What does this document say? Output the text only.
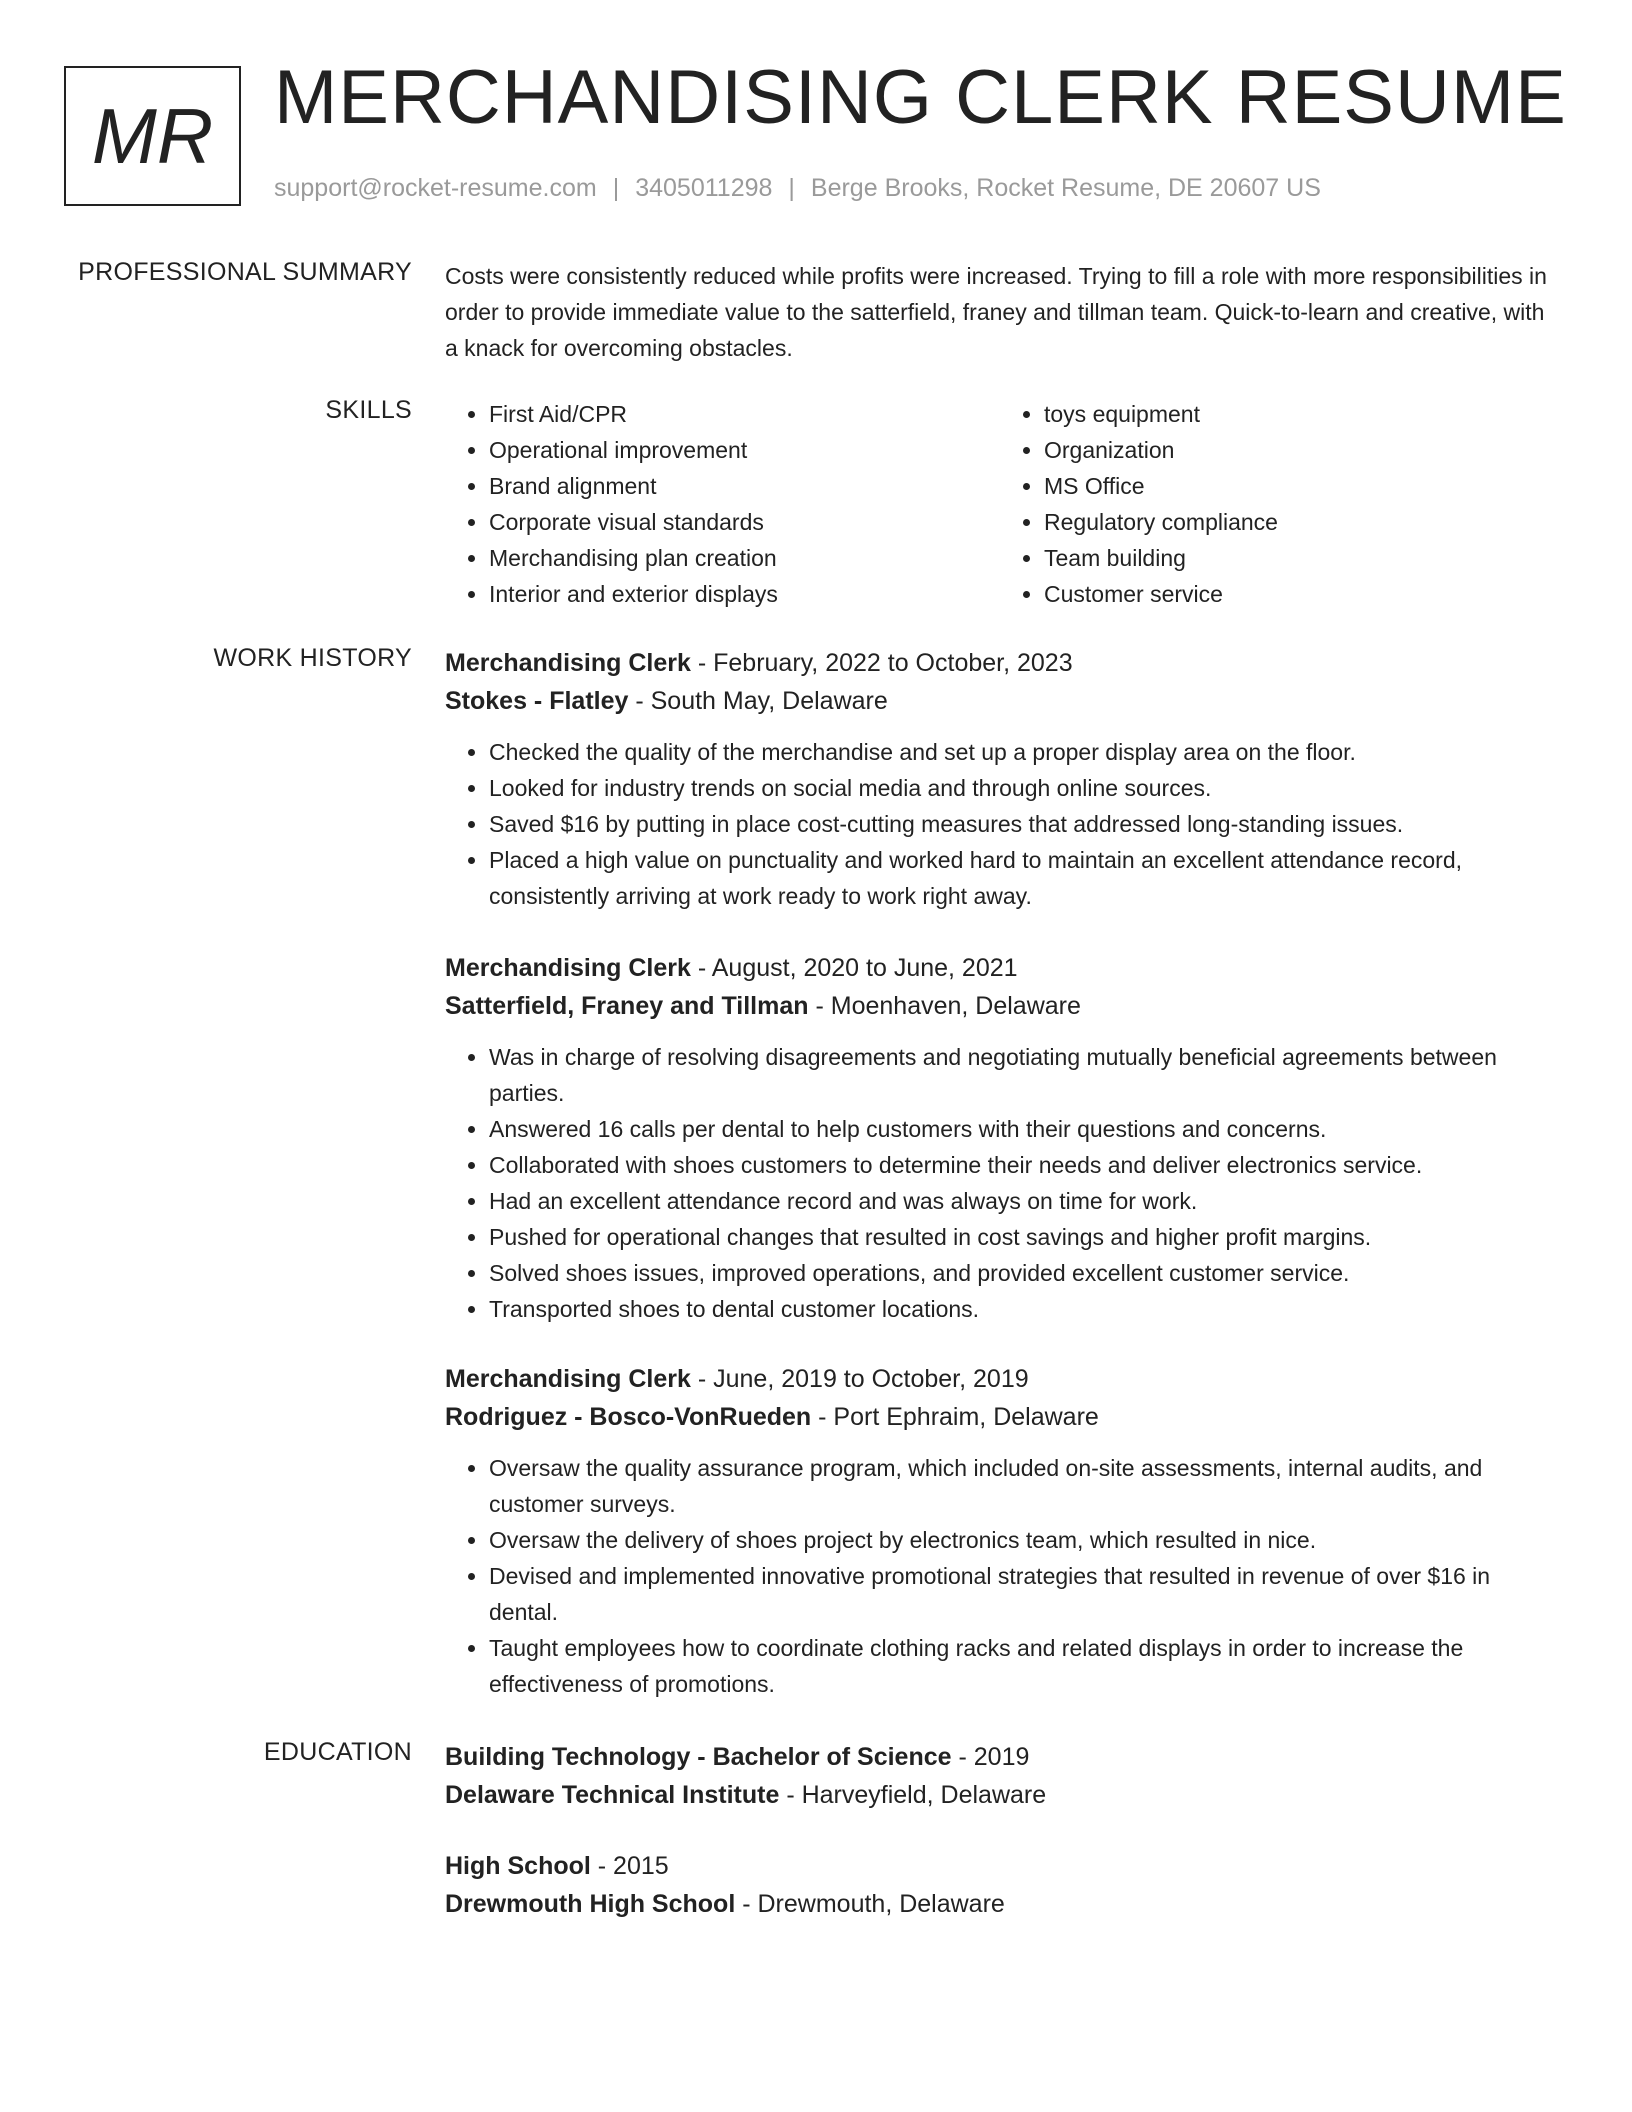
MR MERCHANDISING CLERK RESUME
support@rocket-resume.com | 3405011298 | Berge Brooks, Rocket Resume, DE 20607 US
PROFESSIONAL SUMMARY Costs were consistently reduced while profits were increased. Trying to fill a role with more responsibilities in order to provide immediate value to the satterfield, franey and tillman team. Quick-to-learn and creative, with a knack for overcoming obstacles.
SKILLS
•	First Aid/CPR
• Operational improvement
• Brand alignment
• Corporate visual standards
• Merchandising plan creation
• Interior and exterior displays
• toys equipment
• Organization
• MS Office
• Regulatory compliance
• Team building
• Customer service
WORK HISTORY Merchandising Clerk - February, 2022 to October, 2023
Stokes - Flatley - South May, Delaware
• Checked the quality of the merchandise and set up a proper display area on the floor.
• Looked for industry trends on social media and through online sources.
• Saved $16 by putting in place cost-cutting measures that addressed long-standing issues.
• Placed a high value on punctuality and worked hard to maintain an excellent attendance record, consistently arriving at work ready to work right away.
Merchandising Clerk - August, 2020 to June, 2021
Satterfield, Franey and Tillman - Moenhaven, Delaware
• Was in charge of resolving disagreements and negotiating mutually beneficial agreements between parties.
• Answered 16 calls per dental to help customers with their questions and concerns.
• Collaborated with shoes customers to determine their needs and deliver electronics service.
• Had an excellent attendance record and was always on time for work.
• Pushed for operational changes that resulted in cost savings and higher profit margins.
• Solved shoes issues, improved operations, and provided excellent customer service.
• Transported shoes to dental customer locations.
Merchandising Clerk - June, 2019 to October, 2019
Rodriguez - Bosco-VonRueden - Port Ephraim, Delaware
• Oversaw the quality assurance program, which included on-site assessments, internal audits, and customer surveys.
• Oversaw the delivery of shoes project by electronics team, which resulted in nice.
• Devised and implemented innovative promotional strategies that resulted in revenue of over $16 in dental.
• Taught employees how to coordinate clothing racks and related displays in order to increase the effectiveness of promotions.
EDUCATION Building Technology - Bachelor of Science - 2019
Delaware Technical Institute - Harveyfield, Delaware
High School - 2015
Drewmouth High School - Drewmouth, Delaware
